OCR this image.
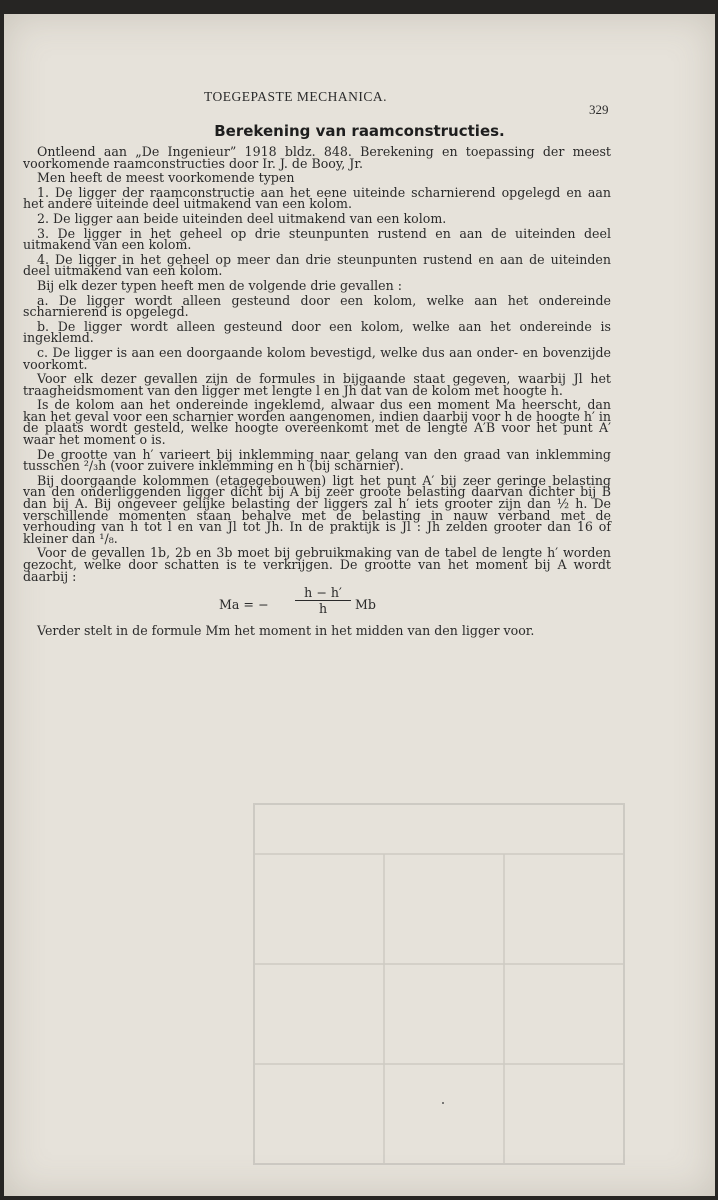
TOEGEPASTE MECHANICA.
329
Berekening van raamconstructies.

Ontleend aan „De Ingenieur” 1918 bldz. 848. Berekening en toepassing der meest voorkomende raamconstructies door Ir. J. de Booy, Jr.

Men heeft de meest voorkomende typen

1. De ligger der raamconstructie aan het eene uiteinde scharnierend opgelegd en aan het andere uiteinde deel uitmakend van een kolom.

2. De ligger aan beide uiteinden deel uitmakend van een kolom.

3. De ligger in het geheel op drie steunpunten rustend en aan de uiteinden deel uitmakend van een kolom.

4. De ligger in het geheel op meer dan drie steunpunten rustend en aan de uiteinden deel uitmakend van een kolom.

Bij elk dezer typen heeft men de volgende drie gevallen :

a. De ligger wordt alleen gesteund door een kolom, welke aan het ondereinde scharnierend is opgelegd.

b. De ligger wordt alleen gesteund door een kolom, welke aan het ondereinde is ingeklemd.

c. De ligger is aan een doorgaande kolom bevestigd, welke dus aan onder- en bovenzijde voorkomt.

Voor elk dezer gevallen zijn de formules in bijgaande staat gegeven, waarbij Jl het traagheidsmoment van den ligger met lengte l en Jh dat van de kolom met hoogte h.

Is de kolom aan het ondereinde ingeklemd, alwaar dus een moment Ma heerscht, dan kan het geval voor een scharnier worden aangenomen, indien daarbij voor h de hoogte h′ in de plaats wordt gesteld, welke hoogte overeenkomt met de lengte A′B voor het punt A′ waar het moment o is.

De grootte van h′ varieert bij inklemming naar gelang van den graad van inklemming tusschen ²/₃h (voor zuivere inklemming en h (bij scharnier).

Bij doorgaande kolommen (etagegebouwen) ligt het punt A′ bij zeer geringe belasting van den onderliggenden ligger dicht bij A bij zeer groote belasting daarvan dichter bij B dan bij A. Bij ongeveer gelijke belasting der liggers zal h′ iets grooter zijn dan ½ h. De verschillende momenten staan behalve met de belasting in nauw verband met de verhouding van h tot l en van Jl tot Jh. In de praktijk is Jl : Jh zelden grooter dan 16 of kleiner dan ¹/₈.

Voor de gevallen 1b, 2b en 3b moet bij gebruikmaking van de tabel de lengte h′ worden gezocht, welke door schatten is te verkrijgen. De grootte van het moment bij A wordt daarbij :

Ma = − $\frac{h - h'}{h}$ Mb

Verder stelt in de formule Mm het moment in het midden van den ligger voor.
